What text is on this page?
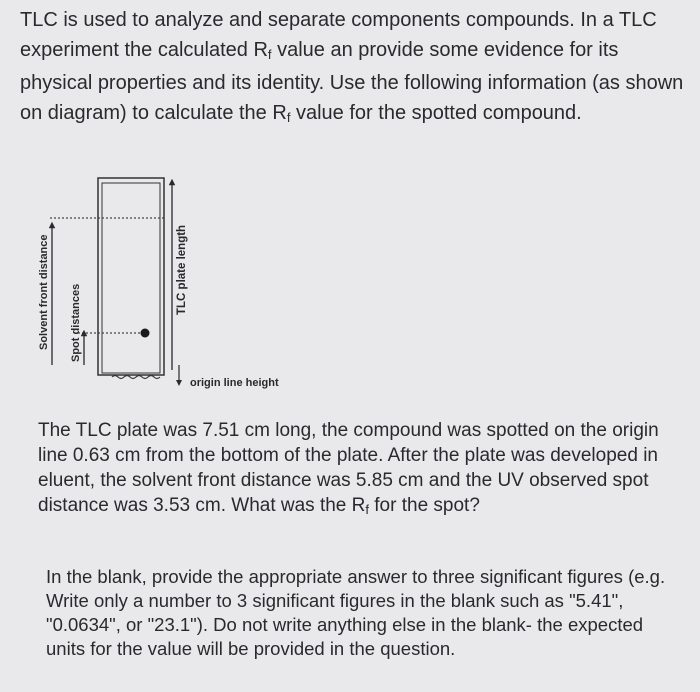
TLC is used to analyze and separate components compounds. In a TLC experiment the calculated $R_f$ value an provide some evidence for its physical properties and its identity. Use the following information (as shown on diagram) to calculate the $R_f$ value for the spotted compound.

Solvent front distance Spot distances
TLC plate length
origin line height

The TLC plate was 7.51 cm long, the compound was spotted on the origin line 0.63 cm from the bottom of the plate. After the plate was developed in eluent, the solvent front distance was 5.85 cm and the UV observed spot distance was 3.53 cm. What was the $R_f$ for the spot?

In the blank, provide the appropriate answer to three significant figures (e.g. Write only a number to 3 significant figures in the blank such as "5.41", "0.0634", or "23.1"). Do not write anything else in the blank- the expected units for the value will be provided in the question.
